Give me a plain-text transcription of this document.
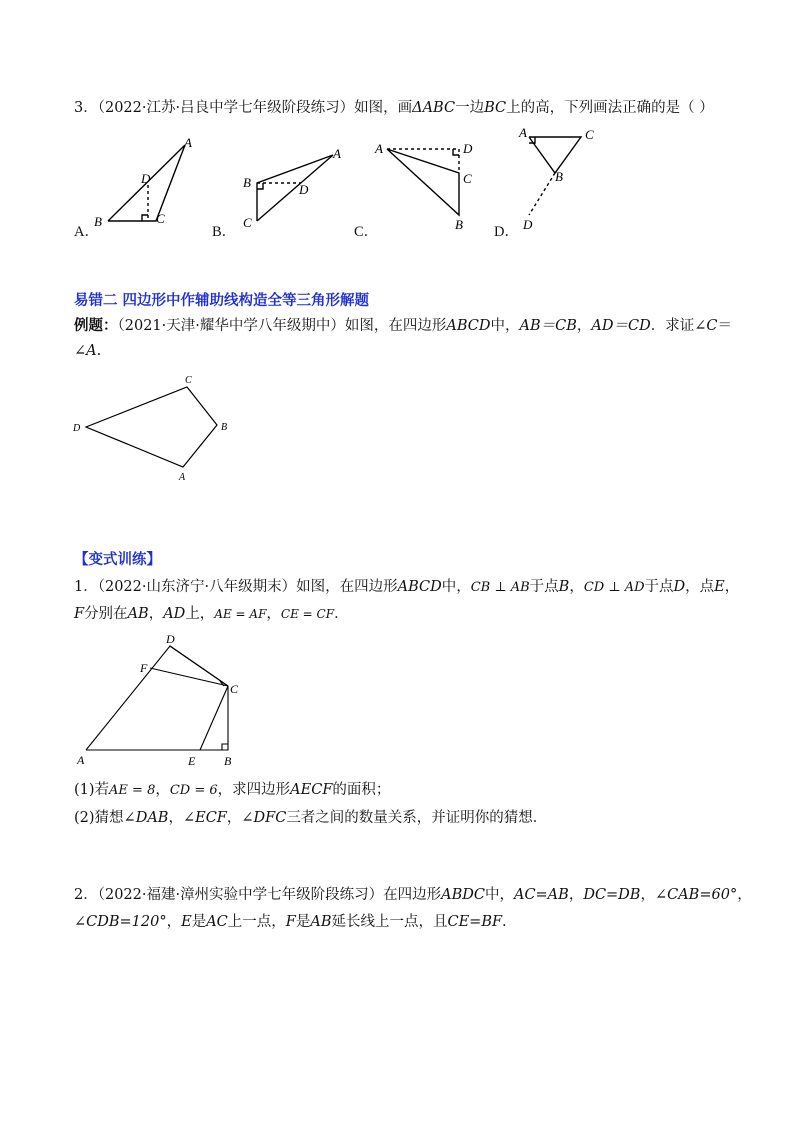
3．（2022·江苏·吕良中学七年级阶段练习）如图，画ΔABC一边BC上的高，下列画法正确的是（ ）
B
A
D
C
A．
B
A
D
C
B．
A	D
C
B
C．
A	C
B
D
D．
易错二 四边形中作辅助线构造全等三角形解题
例题：（2021·天津·耀华中学八年级期中）如图，在四边形ABCD中，AB＝CB，AD＝CD．求证∠C＝
∠A.
D
C
B
A
【变式训练】
1．（2022·山东济宁·八年级期末）如图，在四边形ABCD中，CB ⊥ AB于点B，CD ⊥ AD于点D，点E，
F分别在AB，AD上，AE = AF，CE = CF．
D
F
C
A	E B
(1)若AE = 8，CD = 6，求四边形AECF的面积；
(2)猜想∠DAB，∠ECF，∠DFC三者之间的数量关系，并证明你的猜想．
2．（2022·福建·漳州实验中学七年级阶段练习）在四边形ABDC中，AC=AB，DC=DB，∠CAB=60°，
∠CDB=120°，E是AC上一点，F是AB延长线上一点，且CE=BF.
